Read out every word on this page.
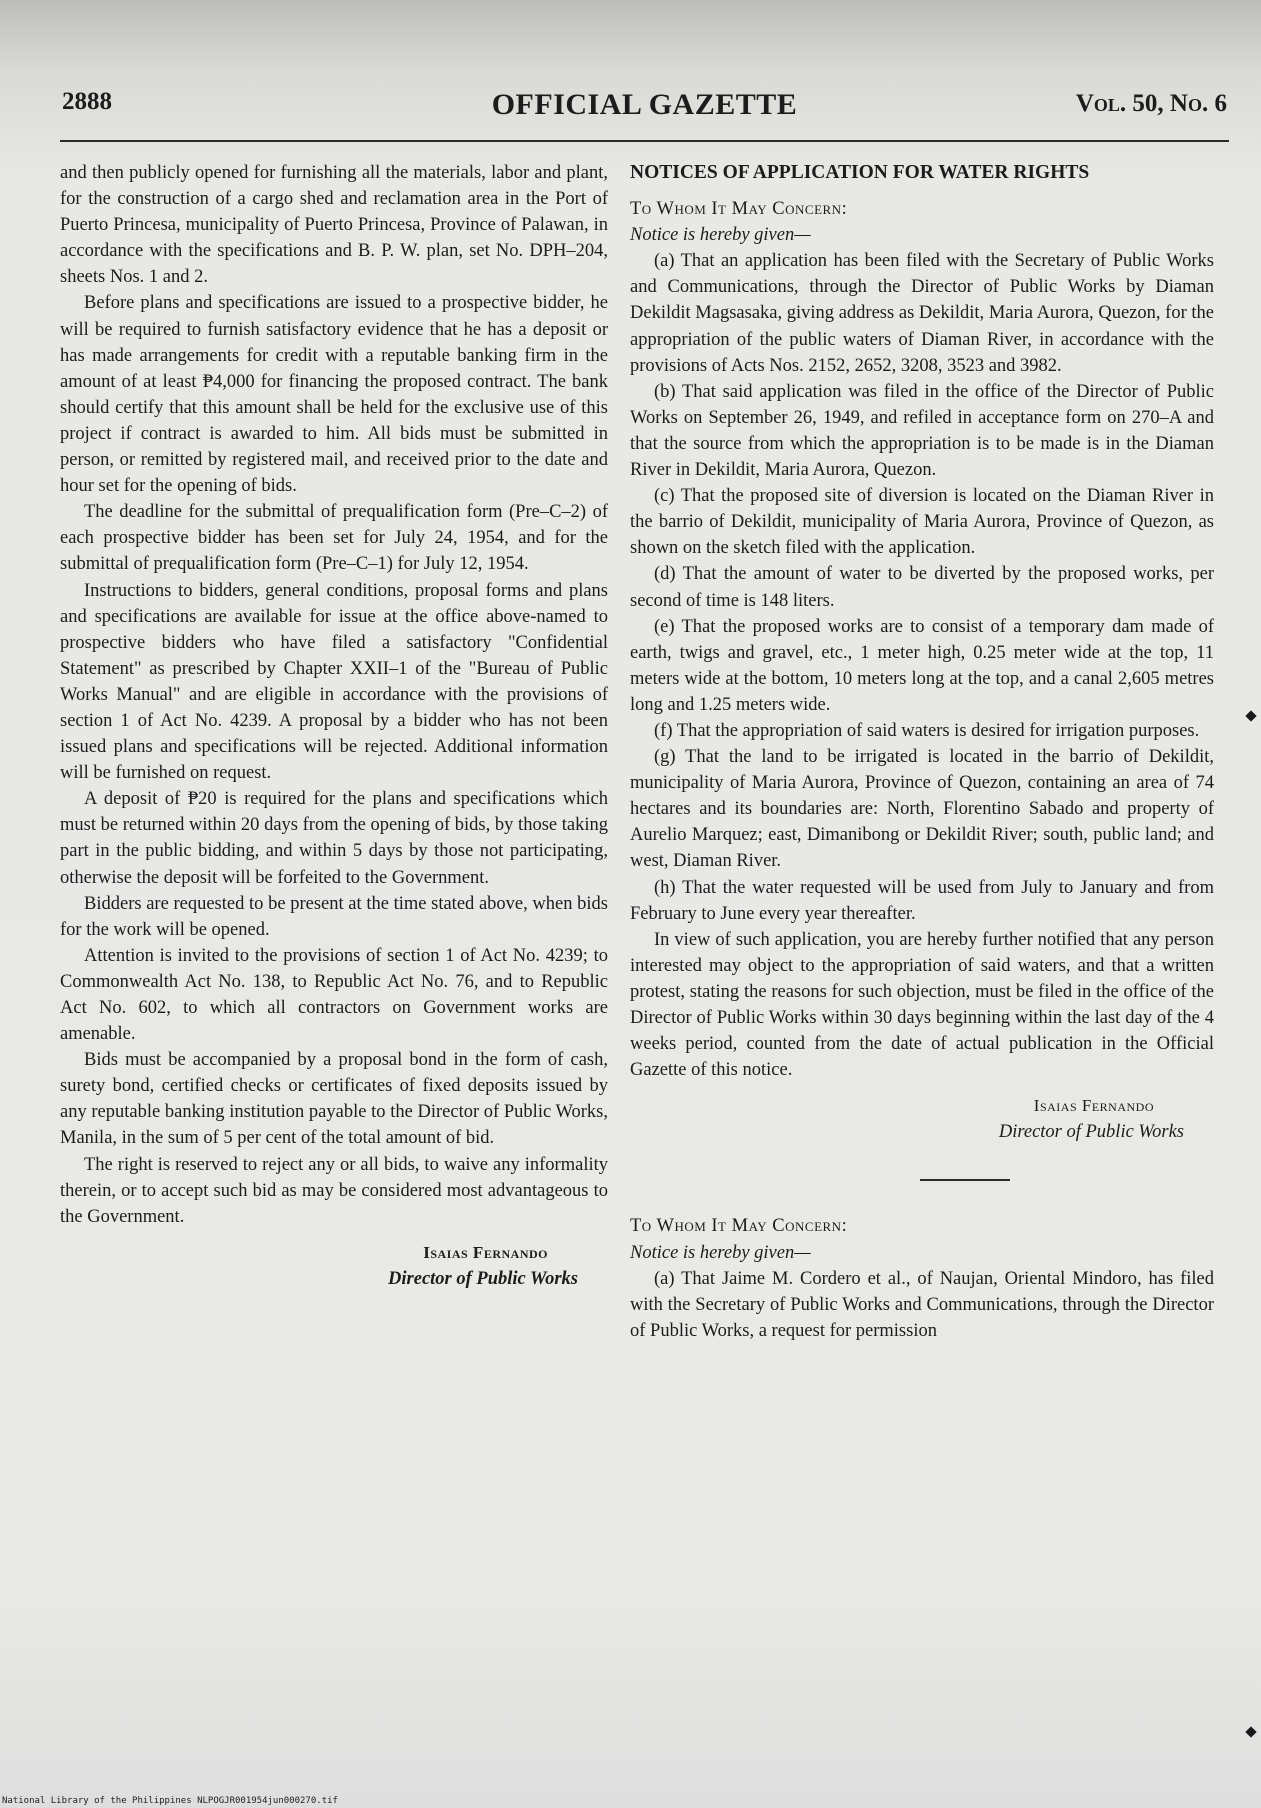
2888	OFFICIAL GAZETTE	Vol. 50, No. 6

and then publicly opened for furnishing all the materials, labor and plant, for the construction of a cargo shed and reclamation area in the Port of Puerto Princesa, municipality of Puerto Princesa, Province of Palawan, in accordance with the specifications and B. P. W. plan, set No. DPH–204, sheets Nos. 1 and 2.

Before plans and specifications are issued to a prospective bidder, he will be required to furnish satisfactory evidence that he has a deposit or has made arrangements for credit with a reputable banking firm in the amount of at least ₱4,000 for financing the proposed contract. The bank should certify that this amount shall be held for the exclusive use of this project if contract is awarded to him. All bids must be submitted in person, or remitted by registered mail, and received prior to the date and hour set for the opening of bids.

The deadline for the submittal of prequalification form (Pre–C–2) of each prospective bidder has been set for July 24, 1954, and for the submittal of prequalification form (Pre–C–1) for July 12, 1954.

Instructions to bidders, general conditions, proposal forms and plans and specifications are available for issue at the office above-named to prospective bidders who have filed a satisfactory "Confidential Statement" as prescribed by Chapter XXII–1 of the "Bureau of Public Works Manual" and are eligible in accordance with the provisions of section 1 of Act No. 4239. A proposal by a bidder who has not been issued plans and specifications will be rejected. Additional information will be furnished on request.

A deposit of ₱20 is required for the plans and specifications which must be returned within 20 days from the opening of bids, by those taking part in the public bidding, and within 5 days by those not participating, otherwise the deposit will be forfeited to the Government.

Bidders are requested to be present at the time stated above, when bids for the work will be opened.

Attention is invited to the provisions of section 1 of Act No. 4239; to Commonwealth Act No. 138, to Republic Act No. 76, and to Republic Act No. 602, to which all contractors on Government works are amenable.

Bids must be accompanied by a proposal bond in the form of cash, surety bond, certified checks or certificates of fixed deposits issued by any reputable banking institution payable to the Director of Public Works, Manila, in the sum of 5 per cent of the total amount of bid.

The right is reserved to reject any or all bids, to waive any informality therein, or to accept such bid as may be considered most advantageous to the Government.

Isaias Fernando
Director of Public Works
NOTICES OF APPLICATION FOR WATER RIGHTS
To Whom It May Concern:
Notice is hereby given—

(a) That an application has been filed with the Secretary of Public Works and Communications, through the Director of Public Works by Diaman Dekildit Magsasaka, giving address as Dekildit, Maria Aurora, Quezon, for the appropriation of the public waters of Diaman River, in accordance with the provisions of Acts Nos. 2152, 2652, 3208, 3523 and 3982.

(b) That said application was filed in the office of the Director of Public Works on September 26, 1949, and refiled in acceptance form on 270–A and that the source from which the appropriation is to be made is in the Diaman River in Dekildit, Maria Aurora, Quezon.

(c) That the proposed site of diversion is located on the Diaman River in the barrio of Dekildit, municipality of Maria Aurora, Province of Quezon, as shown on the sketch filed with the application.

(d) That the amount of water to be diverted by the proposed works, per second of time is 148 liters.

(e) That the proposed works are to consist of a temporary dam made of earth, twigs and gravel, etc., 1 meter high, 0.25 meter wide at the top, 11 meters wide at the bottom, 10 meters long at the top, and a canal 2,605 metres long and 1.25 meters wide.

(f) That the appropriation of said waters is desired for irrigation purposes.

(g) That the land to be irrigated is located in the barrio of Dekildit, municipality of Maria Aurora, Province of Quezon, containing an area of 74 hectares and its boundaries are: North, Florentino Sabado and property of Aurelio Marquez; east, Dimanibong or Dekildit River; south, public land; and west, Diaman River.

(h) That the water requested will be used from July to January and from February to June every year thereafter.

In view of such application, you are hereby further notified that any person interested may object to the appropriation of said waters, and that a written protest, stating the reasons for such objection, must be filed in the office of the Director of Public Works within 30 days beginning within the last day of the 4 weeks period, counted from the date of actual publication in the Official Gazette of this notice.

Isaias Fernando
Director of Public Works
To Whom It May Concern:
Notice is hereby given—

(a) That Jaime M. Cordero et al., of Naujan, Oriental Mindoro, has filed with the Secretary of Public Works and Communications, through the Director of Public Works, a request for permission

National Library of the Philippines NLPOGJR001954jun000270.tif
